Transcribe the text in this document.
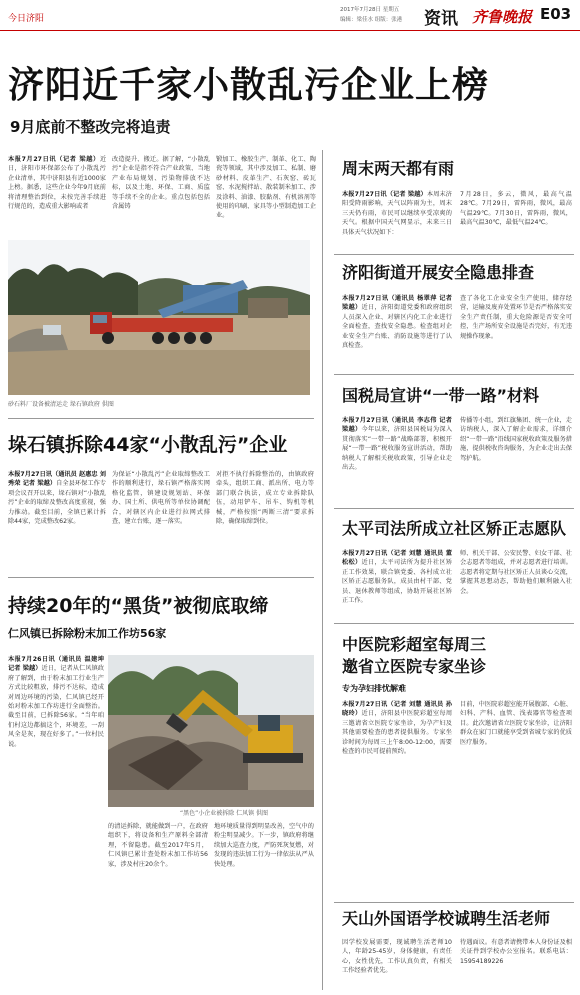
今日济阳
2017年7月28日 星期五
编辑：梁佳水 组版：张港	资讯 齐鲁晚报 E03
济阳近千家小散乱污企业上榜
9月底前不整改完将追责
本报7月27日讯（记者 梁越）近日，济阳市环保部公布了小散乱污企业清单，其中济阳县有近1000家上榜。据悉，这些企业今年9月底前将清理整治到位，未按完善手续进行规范的，造成重大影响或者
改造提升、搬迁。据了解，“小散乱污”企业是指不符合产业政策、当地产业布局规划、污染物排放不达标，以及土地、环保、工商、质监等手续不全的企业。重点包括包括含属铸
锻加工、橡胶生产、制革、化工、陶瓷等领域，其中涉及加工、私制、磨砂材料、皮革生产、石灰窑、砖瓦窑、水泥搅拌站、散装制米加工、涉及涂料、油漆、胶黏剂、有机溶剂等使用的印刷、家具等小型制造加工企业。
砂石料厂设备被清运走 垛石镇政府 供图
垛石镇拆除44家“小散乱污”企业
本报7月27日讯（通讯员 赵惠忠 刘秀荣 记者 梁越）自全县环保工作专项会议召开以来，垛石镇对“小散乱污”企业的取缔及整改高度重视，强力推动。截至目前，全镇已累计拆除44家，完成整改62家。
为保证“小散乱污”企业取缔整改工作的顺利进行，垛石镇严格落实网格化监管，镇建设规划站、环保办、国土所、供电所等单位协调配合，对辖区内企业进行拉网式排查，建立台账，逐一落实。
对拒不执行拆除整治的，由镇政府牵头，组织工商、派出所、电力等部门联合执法，成立专业拆除队伍，动用铲车、吊车、钩机等机械，严格按照“两断三清”要求拆除，确保取缔到位。
持续20年的“黑货”被彻底取缔
仁风镇已拆除粉末加工作坊56家
本报7月26日讯（通讯员 温建坤 记者 梁越）近日，记者从仁风镇政府了解到，由于粉末加工行业生产方式比较粗放，排污不达标，造成对周边环境的污染，仁风镇已经开始对粉末加工作坊进行全面整治。截至目前，已拆除56家。“当年咱们村这边都搞这个，环境差，一刮风全是灰，现在好多了。”一位村民说。
“黑色”小企业被拆除 仁风镇 供图
的清运拆除，就能做到一户，在政府组织下，将设备和生产原料全部清理，不留隐患。截至2017年5月，仁风镇已累计查处粉末加工作坊56家，涉及村庄20余个。
地环境质量得到明显改善，空气中的粉尘明显减少。下一步，镇政府将继续加大巡查力度，严防死灰复燃，对发现的违法加工行为一律依法从严从快处理。
周末两天都有雨
本报7月27日讯（记者 梁越）本周末济阳受降雨影响，天气以阵雨为主，周末三天仍有雨，市民可以继续享受凉爽的天气。根据中国天气网显示，未来三日具体天气状况如下：
7月28日，多云，微风，最高气温28℃。7月29日，雷阵雨，微风，最高气温29℃。7月30日，雷阵雨，微风，最高气温30℃，最低气温24℃。
济阳街道开展安全隐患排查
本报7月27日讯（通讯员 杨翠萍 记者 梁越）近日，济阳街道党委和政府组织人员深入企业、对辖区内化工企业进行全面检查，查找安全隐患。检查组对企业安全生产台账、消防设施等进行了认真检查。
查了各化工企业安全生产使用，储存经营，运输及废弃处置环节是否严格落实安全生产责任制，重大危险源是否安全可控，生产场所安全设施是否完好，有无违规操作现象。
国税局宣讲“一带一路”材料
本报7月27日讯（通讯员 李志伟 记者 梁越）今年以来，济阳县国税局为深入贯彻落实“一带一路”战略部署，积极开展“一带一路”税收服务宣讲活动，帮助纳税人了解相关税收政策，引导企业走出去。
传播等小组，到红旗集团、统一企业，走访纳税人，深入了解企业需求，详细介绍“一带一路”沿线国家税收政策及服务措施，提供税收咨询服务，为企业走出去保驾护航。
太平司法所成立社区矫正志愿队
本报7月27日讯（记者 刘慧 通讯员 董松松）近日，太平司法所为提升社区矫正工作效果，联合镇党委、各村成立社区矫正志愿服务队，成员由村干部、党员、退休教师等组成，协助开展社区矫正工作。
师、机关干部、公安民警、妇女干部、社会志愿者等组成，并对志愿者进行培训。志愿者将定期与社区矫正人员谈心交流，掌握其思想动态，帮助他们顺利融入社会。
中医院彩超室每周三
邀省立医院专家坐诊
专为孕妇排忧解难
本报7月27日讯（记者 刘慧 通讯员 孙晓玲）近日，济阳县中医院彩超室每周三邀请省立医院专家坐诊，为孕产妇及其他需要检查的患者提供服务。专家坐诊时间为每周三上午8:00-12:00，需要检查的市民可提前预约。
目前，中医院彩超室能开展腹部、心脏、妇科、产科、血管、浅表器官等检查项目。此次邀请省立医院专家坐诊，让济阳群众在家门口就能享受到省城专家的优质医疗服务。
天山外国语学校诚聘生活老师
因学校发展需要，现诚聘生活老师10人，年龄25-45岁，身体健康，有责任心，女性优先，工作认真负责，有相关工作经验者优先。
待遇面议。有意者请携带本人身份证及相关证件到学校办公室报名。联系电话：15954189226
